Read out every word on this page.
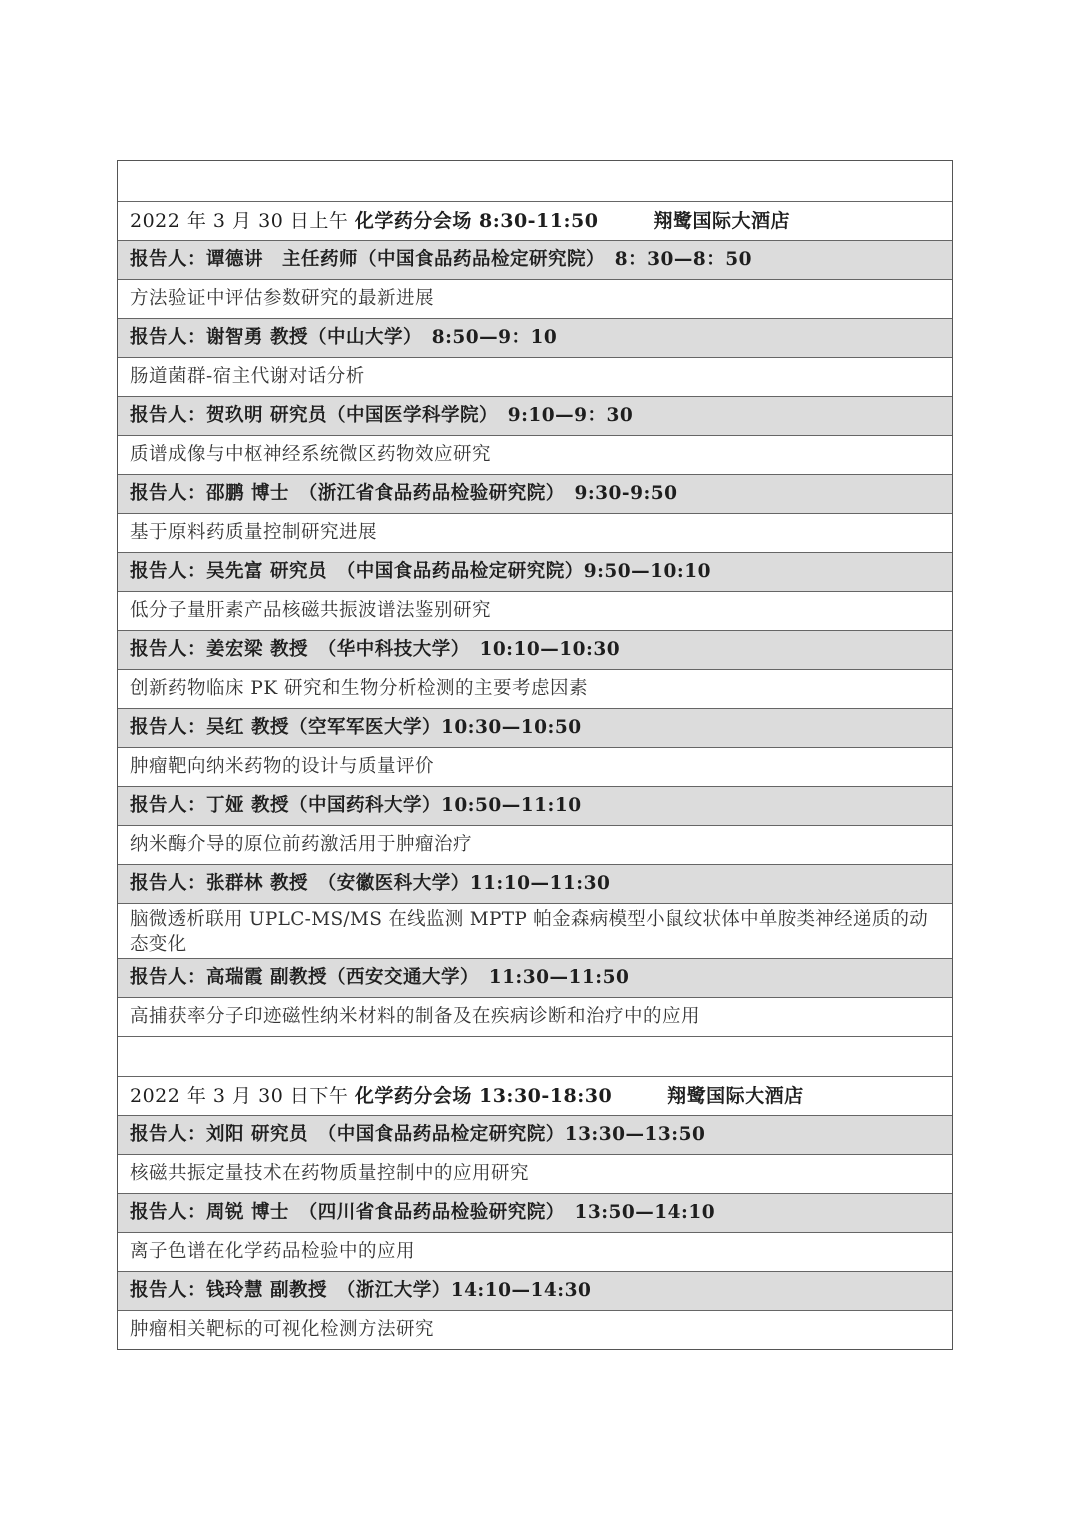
2022 年 3 月 30 日上午
化学药分会场 8:30-11:50	翔鹭国际大酒店
报告人：谭德讲　主任药师（中国食品药品检定研究院）　8：30—8：50
方法验证中评估参数研究的最新进展
报告人：谢智勇 教授（中山大学）　8:50—9：10
肠道菌群-宿主代谢对话分析
报告人：贺玖明 研究员（中国医学科学院）　9:10—9：30
质谱成像与中枢神经系统微区药物效应研究
报告人：邵鹏 博士　（浙江省食品药品检验研究院）　9:30-9:50
基于原料药质量控制研究进展
报告人：吴先富 研究员　（中国食品药品检定研究院）9:50—10:10
低分子量肝素产品核磁共振波谱法鉴别研究
报告人：姜宏梁 教授　（华中科技大学）　10:10—10:30
创新药物临床 PK 研究和生物分析检测的主要考虑因素
报告人：吴红 教授（空军军医大学）10:30—10:50
肿瘤靶向纳米药物的设计与质量评价
报告人：丁娅 教授（中国药科大学）10:50—11:10
纳米酶介导的原位前药激活用于肿瘤治疗
报告人：张群林 教授　（安徽医科大学）11:10—11:30
脑微透析联用 UPLC-MS/MS 在线监测 MPTP 帕金森病模型小鼠纹状体中单胺类神经递质的动态变化
报告人：高瑞霞 副教授（西安交通大学）　11:30—11:50
高捕获率分子印迹磁性纳米材料的制备及在疾病诊断和治疗中的应用
2022 年 3 月 30 日下午
化学药分会场 13:30-18:30	翔鹭国际大酒店
报告人：刘阳 研究员　（中国食品药品检定研究院）13:30—13:50
核磁共振定量技术在药物质量控制中的应用研究
报告人：周锐 博士　（四川省食品药品检验研究院）　13:50—14:10
离子色谱在化学药品检验中的应用
报告人：钱玲慧 副教授　（浙江大学）14:10—14:30
肿瘤相关靶标的可视化检测方法研究
